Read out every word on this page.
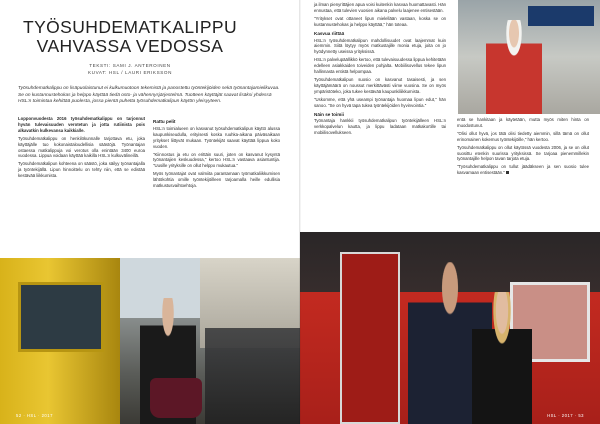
TYÖSUHDEMATKALIPPU
VAHVASSA VEDOSSA
TEKSTI: SAMI J. ANTEROINEN
KUVAT: HSL / LAURI ERIKSSON
Työsuhdematkalippu on lisäpuolaistunut ei kulkumuotoon tekemistä ja panostettu työntekijöiden sekä työnantajamielikuvaa. Se on kustannustehokas ja helppo käyttää tiedä osto- ja vähennysjärjestelmä. Tuotteen käyttäjät saavat lisäksi yhdessä HSL:n toimintaa kehittää puolesta, jossa pientä puhetta työsuhdematkalipun käytön yleisyyteen.

Lopponvuodesta 2016 työsuhdematkalippu on tarjonnut hyvän tulevaisuuden verotetun ja jotta rutiinista pois alkavatkin kulkevansa kaikkialle.

Työsuhdematkalippu on henkilökunnalle tarjottava etu, joka käyttäjälle tuo kokonaistaloudellisia säästöjä. Työnantajan ostaessa matkalippuja voi verotus olla enintään 3400 euroa vuodessa. Lippua voidaan käyttää kaikilla HSL:n kulkuvälineillä.

Työsuhdematkalipun kohteena on säästö, joka säilyy työnantajalla ja työntekijällä. Lipun hinnoittelu on tehty niin, että se edistää kestävää liikkumista.

Rattu pelit

HSL:n toimialueen on kasvanut työsuhdematkalipun käyttö alussa kaupunkiseudulla, erityisesti koska ruuhka-aikana päiväsaikaan yritykset liittyvät mukaan. Työntekijät saavat käyttää lippua koko vuoden.

"Kiinnostus ja etu on erittäin suuri, joten on kasvanut kysyntä työnantajien keskuudessa," kertoo HSL:n vastaava asiantuntija. "Uusille yrityksille on ollut helppo mukautua."

Myös työnantajat ovat valmiita parantamaan työmatkaliikkumisen lähtökohtia omille työntekijöilleen tarjoamalla heille edullisia matkustusvaihtoehtoja.

52 · HSL · 2017

ja ilman pienyrittäjien apua voisi kuitenkin kasvaa huomattavasti. Hän ennustaa, että tulevien vuosien aikana palvelu laajenee entisestään.

"Yritykset ovat ottaneet lipun mielellään vastaan, koska se on kustannustehokas ja helppo käyttää," hän toteaa.

Kasvua riittää

HSL:n työsuhdematkalipun mahdollisuudet ovat laajemmat kuin aiemmin. Siitä löytyy myös matkustajille monia etuja, joita on jo hyödynnetty useissa yrityksissä.

HSL:n palvelupäällikkö kertoo, että tulevaisuudessa lippua kehitetään edelleen asiakkaiden toiveiden pohjalta. Mobiilisovellus tekee lipun hallinnasta entistä helpompaa.

Työsuhdematkalipun suosio on kasvanut tasaisesti, ja sen käyttäjämäärä on noussut merkittävästi viime vuosina. Se on myös ympäristöteko, joka tukee kestävää kaupunkiliikkumista.

"Uskomme, että yhä useampi työnantaja huomaa lipun edut," hän sanoo. "Se on hyvä tapa tukea työntekijöiden hyvinvointia."

Näin se toimii

Työnantaja hankkii työsuhdematkalipun työntekijälleen HSL:n verkkopalvelun kautta, ja lippu ladataan matkakortille tai mobiilisovellukseen.

entä se hankitaan ja käytetään, mutta myös miten hinta on muodostunut.

"Olisi ollut hyvä, jos tätä olisi tiedetty aiemmin, sillä tämä on ollut erinomainen kokemus työntekijöille," hän kertoo.

Työsuhdematkalippu on ollut käytössä vuodesta 2006, ja se on ollut suosittu etenkin suurissa yrityksissä. Se tarjoaa pienemmillekin työnantajille helpon tavan tarjota etuja.

"Työsuhdematkalippu on tullut jäädäkseen ja sen suosio tulee kasvamaan entisestään."

HSL · 2017 · 53
